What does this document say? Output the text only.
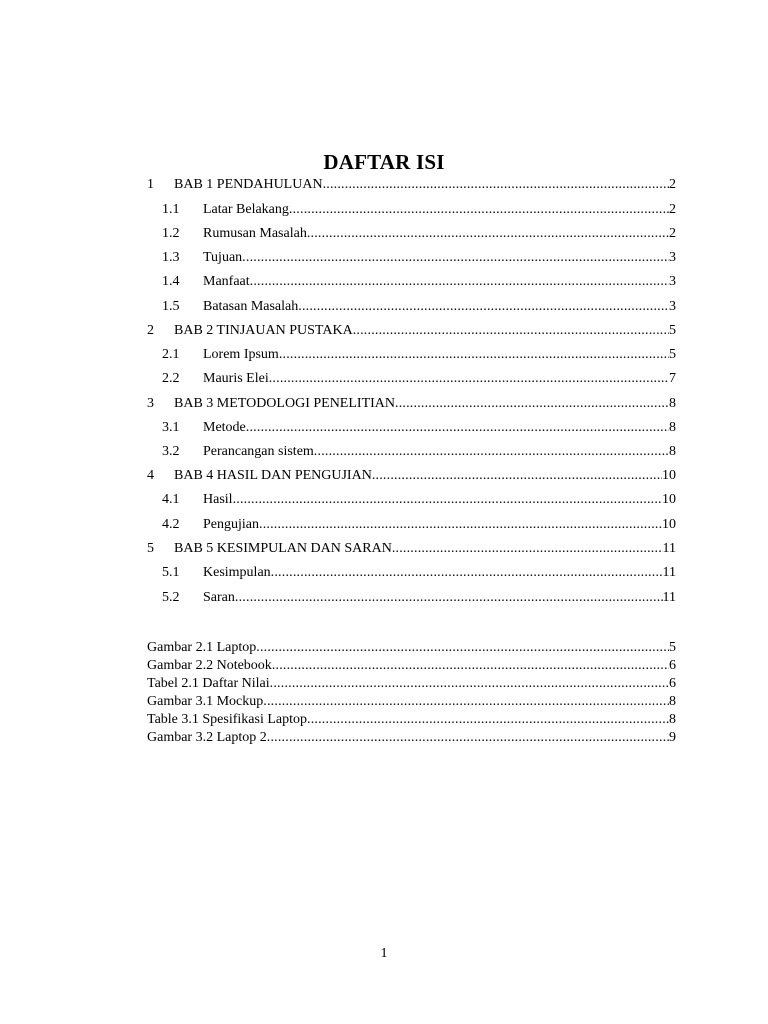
DAFTAR ISI
1	BAB 1 PENDAHULUAN .....	2
1.1	Latar Belakang .....	2
1.2	Rumusan Masalah .....	2
1.3	Tujuan .....	3
1.4	Manfaat .....	3
1.5	Batasan Masalah .....	3
2	BAB 2 TINJAUAN PUSTAKA .....	5
2.1	Lorem Ipsum .....	5
2.2	Mauris Elei .....	7
3	BAB 3 METODOLOGI PENELITIAN .....	8
3.1	Metode .....	8
3.2	Perancangan sistem .....	8
4	BAB 4 HASIL DAN PENGUJIAN .....	10
4.1	Hasil .....	10
4.2	Pengujian .....	10
5	BAB 5 KESIMPULAN DAN SARAN .....	11
5.1	Kesimpulan .....	11
5.2	Saran .....	11
Gambar 2.1 Laptop .....	5
Gambar 2.2 Notebook .....	6
Tabel 2.1 Daftar Nilai .....	6
Gambar 3.1 Mockup .....	8
Table 3.1 Spesifikasi Laptop .....	8
Gambar 3.2 Laptop 2 .....	9
1
